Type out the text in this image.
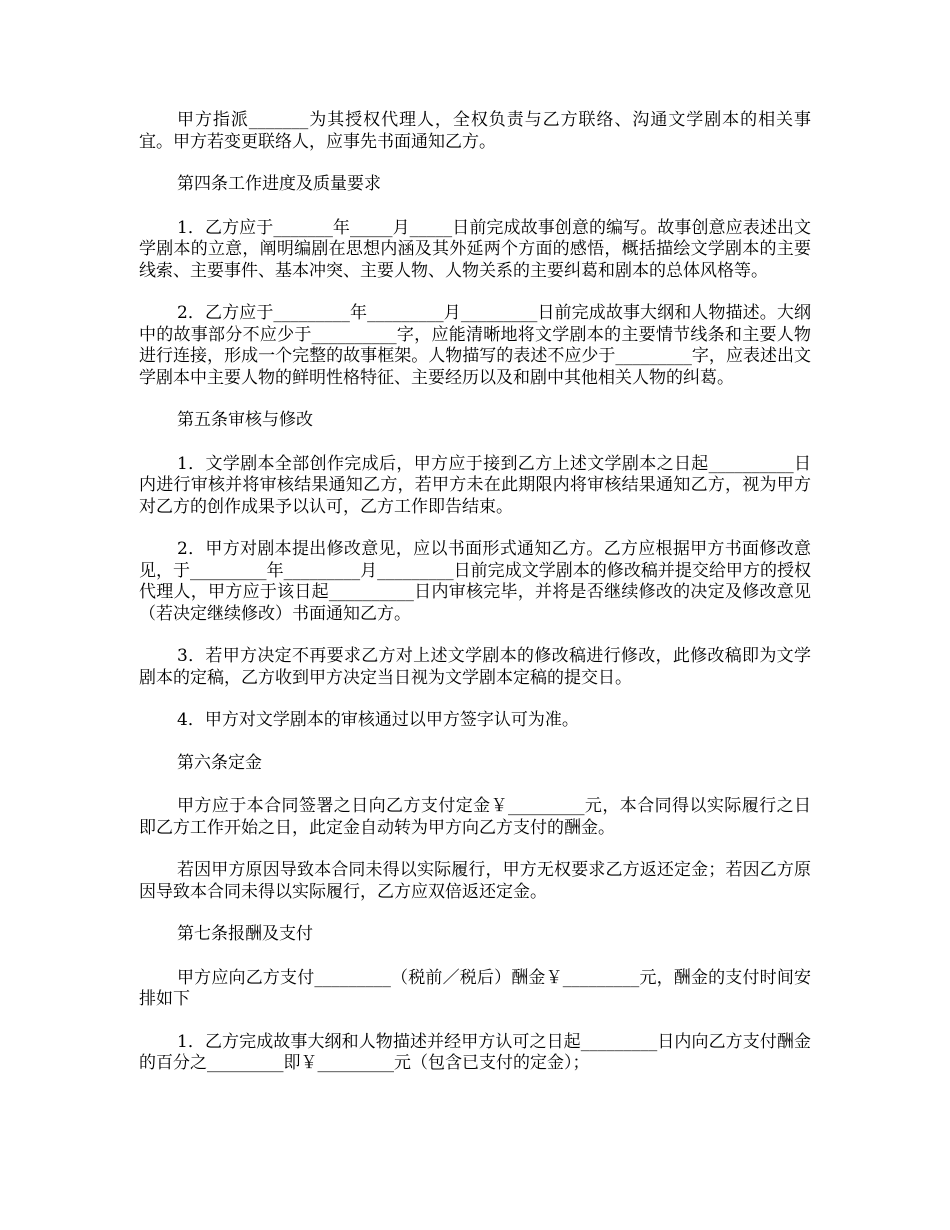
甲方指派_______为其授权代理人，全权负责与乙方联络、沟通文学剧本的相关事宜。甲方若变更联络人，应事先书面通知乙方。

第四条工作进度及质量要求

1．乙方应于_______年_____月_____日前完成故事创意的编写。故事创意应表述出文学剧本的立意，阐明编剧在思想内涵及其外延两个方面的感悟，概括描绘文学剧本的主要线索、主要事件、基本冲突、主要人物、人物关系的主要纠葛和剧本的总体风格等。

2．乙方应于_________年_________月_________日前完成故事大纲和人物描述。大纲中的故事部分不应少于__________字，应能清晰地将文学剧本的主要情节线条和主要人物进行连接，形成一个完整的故事框架。人物描写的表述不应少于_________字，应表述出文学剧本中主要人物的鲜明性格特征、主要经历以及和剧中其他相关人物的纠葛。

第五条审核与修改

1．文学剧本全部创作完成后，甲方应于接到乙方上述文学剧本之日起__________日内进行审核并将审核结果通知乙方，若甲方未在此期限内将审核结果通知乙方，视为甲方对乙方的创作成果予以认可，乙方工作即告结束。

2．甲方对剧本提出修改意见，应以书面形式通知乙方。乙方应根据甲方书面修改意见，于_________年_________月_________日前完成文学剧本的修改稿并提交给甲方的授权代理人，甲方应于该日起__________日内审核完毕，并将是否继续修改的决定及修改意见（若决定继续修改）书面通知乙方。

3．若甲方决定不再要求乙方对上述文学剧本的修改稿进行修改，此修改稿即为文学剧本的定稿，乙方收到甲方决定当日视为文学剧本定稿的提交日。

4．甲方对文学剧本的审核通过以甲方签字认可为准。

第六条定金

甲方应于本合同签署之日向乙方支付定金￥_________元，本合同得以实际履行之日即乙方工作开始之日，此定金自动转为甲方向乙方支付的酬金。

若因甲方原因导致本合同未得以实际履行，甲方无权要求乙方返还定金；若因乙方原因导致本合同未得以实际履行，乙方应双倍返还定金。

第七条报酬及支付

甲方应向乙方支付_________（税前／税后）酬金￥_________元，酬金的支付时间安排如下

1．乙方完成故事大纲和人物描述并经甲方认可之日起_________日内向乙方支付酬金的百分之_________即￥_________元（包含已支付的定金）；
